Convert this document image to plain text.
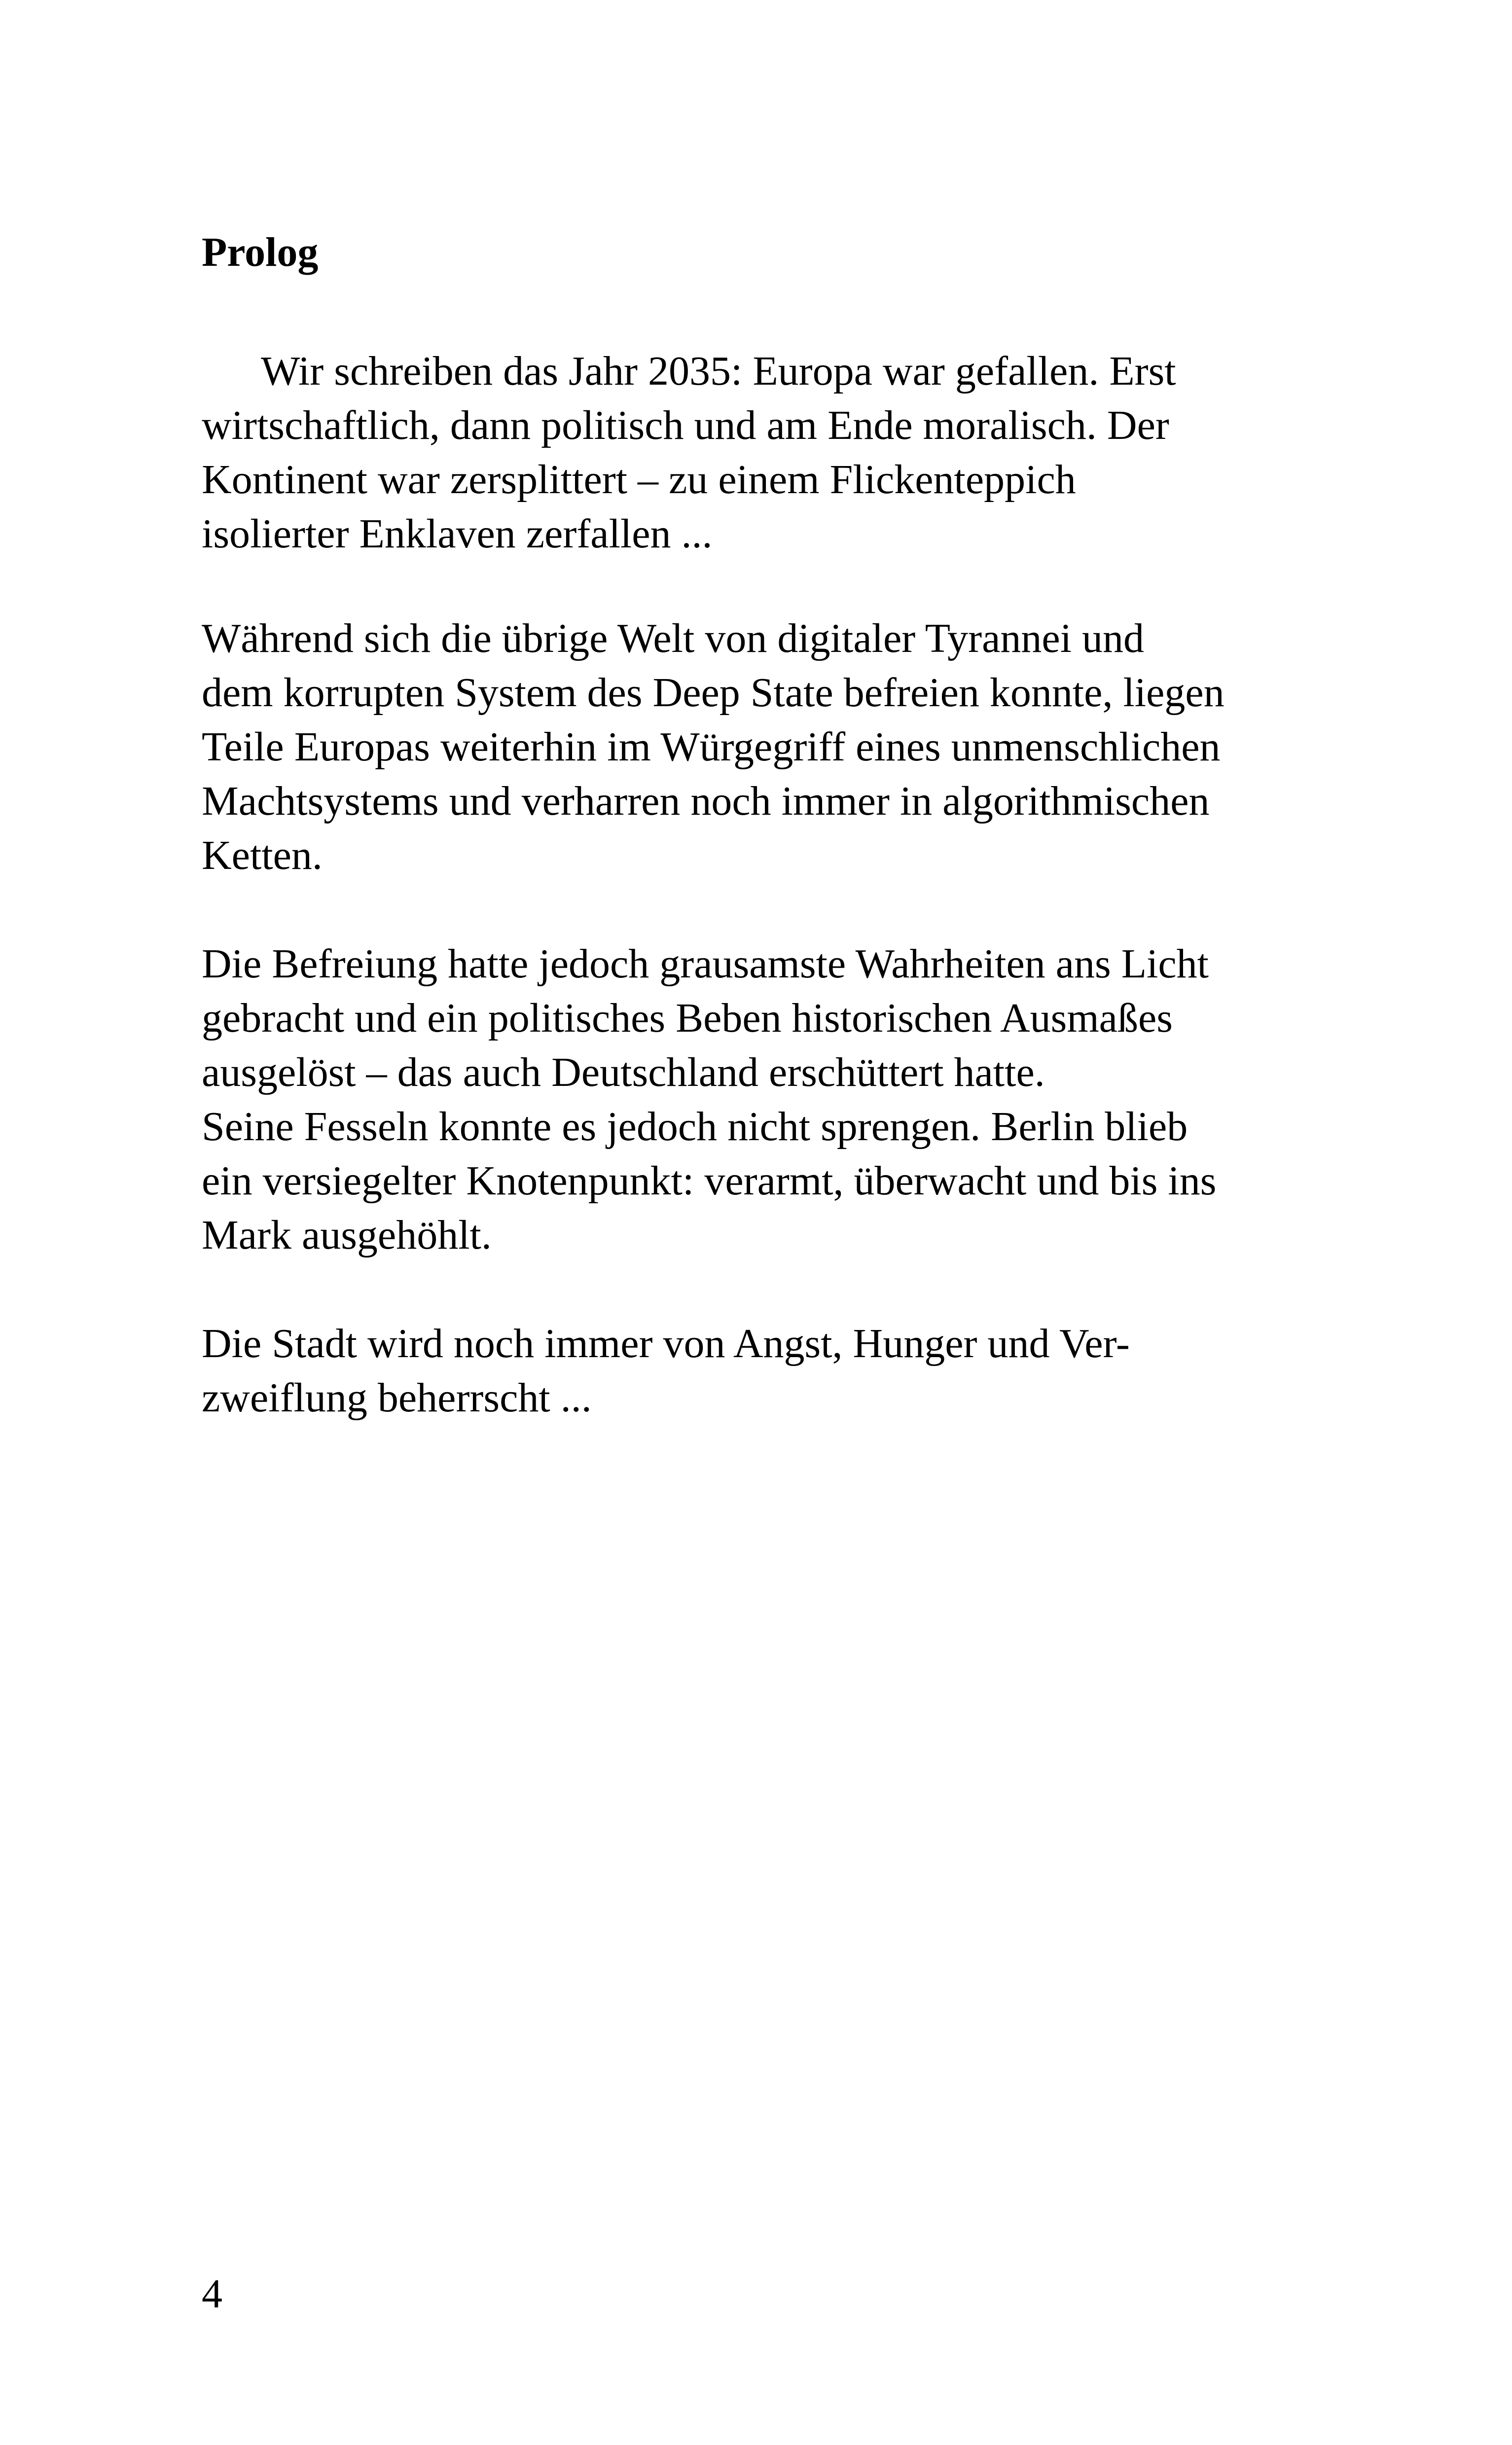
Prolog

Wir schreiben das Jahr 2035: Europa war gefallen. Erst
wirtschaftlich, dann politisch und am Ende moralisch. Der
Kontinent war zersplittert – zu einem Flickenteppich
isolierter Enklaven zerfallen ...

Während sich die übrige Welt von digitaler Tyrannei und
dem korrupten System des Deep State befreien konnte, liegen
Teile Europas weiterhin im Würgegriff eines unmenschlichen
Machtsystems und verharren noch immer in algorithmischen
Ketten.

Die Befreiung hatte jedoch grausamste Wahrheiten ans Licht
gebracht und ein politisches Beben historischen Ausmaßes
ausgelöst – das auch Deutschland erschüttert hatte.
Seine Fesseln konnte es jedoch nicht sprengen. Berlin blieb
ein versiegelter Knotenpunkt: verarmt, überwacht und bis ins
Mark ausgehöhlt.

Die Stadt wird noch immer von Angst, Hunger und Ver-
zweiflung beherrscht ...

4
